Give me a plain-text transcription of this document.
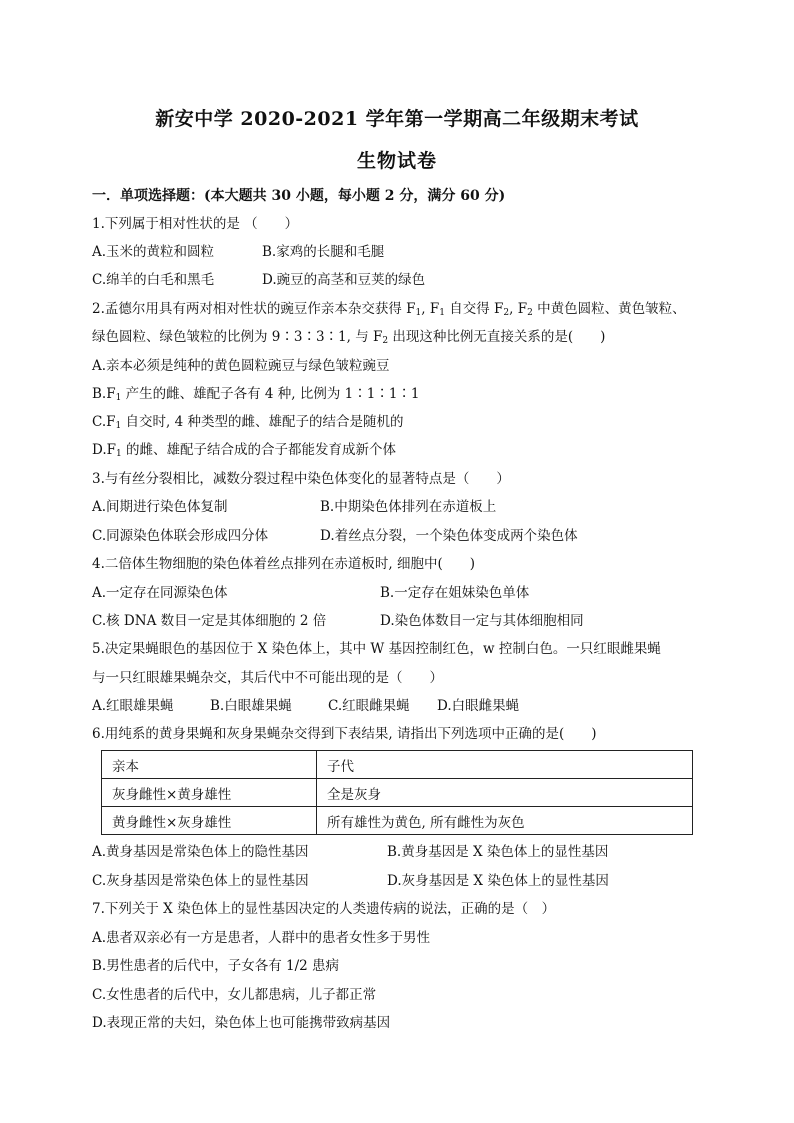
新安中学 2020-2021 学年第一学期高二年级期末考试
生物试卷
一．单项选择题：(本大题共 30 小题，每小题 2 分，满分 60 分)
1.下列属于相对性状的是 （　　）
A.玉米的黄粒和圆粒	B.家鸡的长腿和毛腿
C.绵羊的白毛和黑毛	D.豌豆的高茎和豆荚的绿色
2.孟德尔用具有两对相对性状的豌豆作亲本杂交获得 $F_1$, $F_1$ 自交得 $F_2$, $F_2$ 中黄色圆粒、黄色皱粒、
绿色圆粒、绿色皱粒的比例为 9∶3∶3∶1, 与 $F_2$ 出现这种比例无直接关系的是(　　)
A.亲本必须是纯种的黄色圆粒豌豆与绿色皱粒豌豆
$B.F_1$ 产生的雌、雄配子各有 4 种, 比例为 1∶1∶1∶1
$C.F_1$ 自交时, 4 种类型的雌、雄配子的结合是随机的
$D.F_1$ 的雌、雄配子结合成的合子都能发育成新个体
3.与有丝分裂相比，减数分裂过程中染色体变化的显著特点是（　　）
A.间期进行染色体复制	B.中期染色体排列在赤道板上
C.同源染色体联会形成四分体	D.着丝点分裂，一个染色体变成两个染色体
4.二倍体生物细胞的染色体着丝点排列在赤道板时, 细胞中(　　)
A.一定存在同源染色体	B.一定存在姐妹染色单体
C.核 DNA 数目一定是其体细胞的 2 倍	D.染色体数目一定与其体细胞相同
5.决定果蝇眼色的基因位于 X 染色体上，其中 W 基因控制红色，w 控制白色。一只红眼雌果蝇
与一只红眼雄果蝇杂交，其后代中不可能出现的是（　　）
A.红眼雄果蝇	B.白眼雄果蝇	C.红眼雌果蝇 D.白眼雌果蝇
6.用纯系的黄身果蝇和灰身果蝇杂交得到下表结果, 请指出下列选项中正确的是(　　)
亲本	子代
灰身雌性×黄身雄性	全是灰身
黄身雌性×灰身雄性	所有雄性为黄色, 所有雌性为灰色
A.黄身基因是常染色体上的隐性基因	B.黄身基因是 X 染色体上的显性基因
C.灰身基因是常染色体上的显性基因	D.灰身基因是 X 染色体上的显性基因
7.下列关于 X 染色体上的显性基因决定的人类遗传病的说法，正确的是（　）
A.患者双亲必有一方是患者，人群中的患者女性多于男性
B.男性患者的后代中，子女各有 1/2 患病
C.女性患者的后代中，女儿都患病，儿子都正常
D.表现正常的夫妇，染色体上也可能携带致病基因
